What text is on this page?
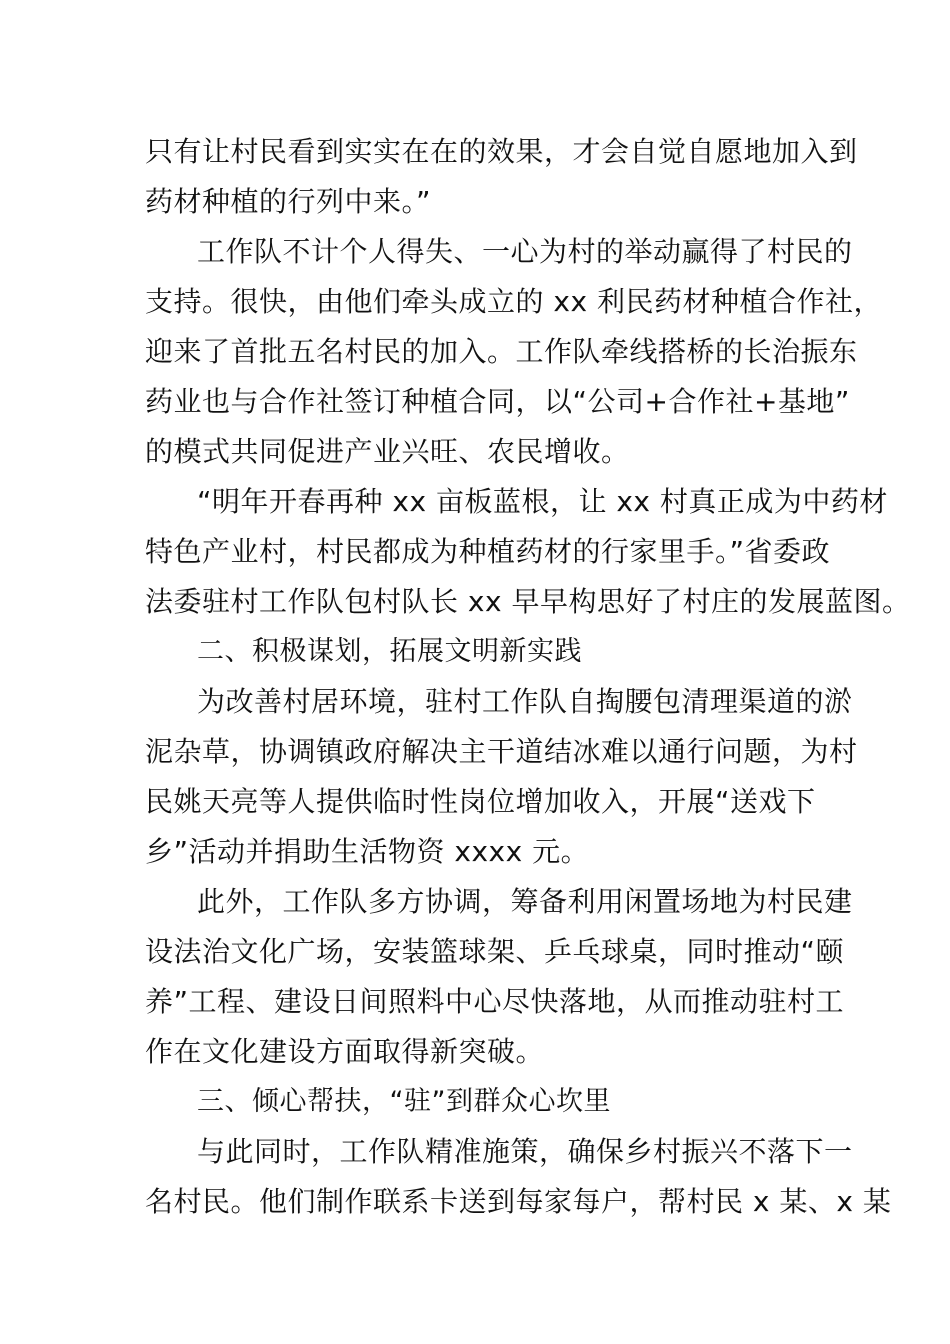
只有让村民看到实实在在的效果，才会自觉自愿地加入到
药材种植的行列中来。”
工作队不计个人得失、一心为村的举动赢得了村民的
支持。很快，由他们牵头成立的 xx 利民药材种植合作社，
迎来了首批五名村民的加入。工作队牵线搭桥的长治振东
药业也与合作社签订种植合同，以“公司+合作社+基地”
的模式共同促进产业兴旺、农民增收。
“明年开春再种 xx 亩板蓝根，让 xx 村真正成为中药材
特色产业村，村民都成为种植药材的行家里手。”省委政
法委驻村工作队包村队长 xx 早早构思好了村庄的发展蓝图。
二、积极谋划，拓展文明新实践
为改善村居环境，驻村工作队自掏腰包清理渠道的淤
泥杂草，协调镇政府解决主干道结冰难以通行问题，为村
民姚天亮等人提供临时性岗位增加收入，开展“送戏下
乡”活动并捐助生活物资 xxxx 元。
此外，工作队多方协调，筹备利用闲置场地为村民建
设法治文化广场，安装篮球架、乒乓球桌，同时推动“颐
养”工程、建设日间照料中心尽快落地，从而推动驻村工
作在文化建设方面取得新突破。
三、倾心帮扶，“驻”到群众心坎里
与此同时，工作队精准施策，确保乡村振兴不落下一
名村民。他们制作联系卡送到每家每户，帮村民 x 某、x 某
